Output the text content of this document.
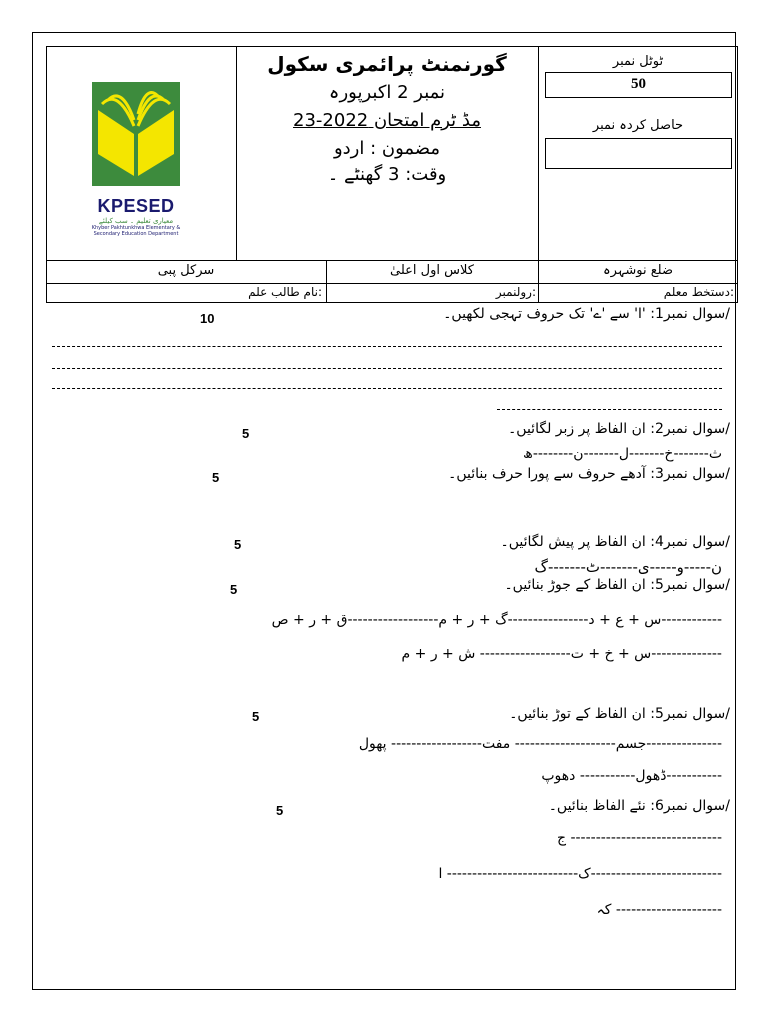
KPESED
معیاری تعلیم ۔ سب کیلئے
Khyber Pakhtunkhwa Elementary &
Secondary Education Department
گورنمنٹ پرائمری سکول
نمبر 2 اکبرپورہ
مڈ ٹرم امتحان 2022-23
مضمون : اردو
وقت: 3 گھنٹے ۔
ٹوٹل نمبر
50
حاصل کردہ نمبر
ضلع نوشہرہ
کلاس اول اعلیٰ
سرکل پبی
:دستخط معلم
:رولنمبر
:نام طالب علم
/سوال نمبر1: 'ا' سے 'ے' تک حروف تہجی لکھیں۔
10
/سوال نمبر2: ان الفاظ پر زبر لگائیں۔
5
ث-------خ-------ل-------ن--------ھ
/سوال نمبر3: آدھے حروف سے پورا حرف بنائیں۔
5
/سوال نمبر4: ان الفاظ پر پیش لگائیں۔
5
ن-----و-----ی-------ٹ-------گ
/سوال نمبر5: ان الفاظ کے جوڑ بنائیں۔
5
------------س + ع + د----------------گ + ر + م------------------ق + ر + ص
--------------س + خ + ت------------------ ش + ر + م
/سوال نمبر5: ان الفاظ کے توڑ بنائیں۔
5
---------------جسم-------------------- مفت------------------ پھول
-----------ڈھول----------- دھوپ
/سوال نمبر6: نئے الفاظ بنائیں۔
5
------------------------------ ج
--------------------------ک-------------------------- ا
--------------------- کہ
